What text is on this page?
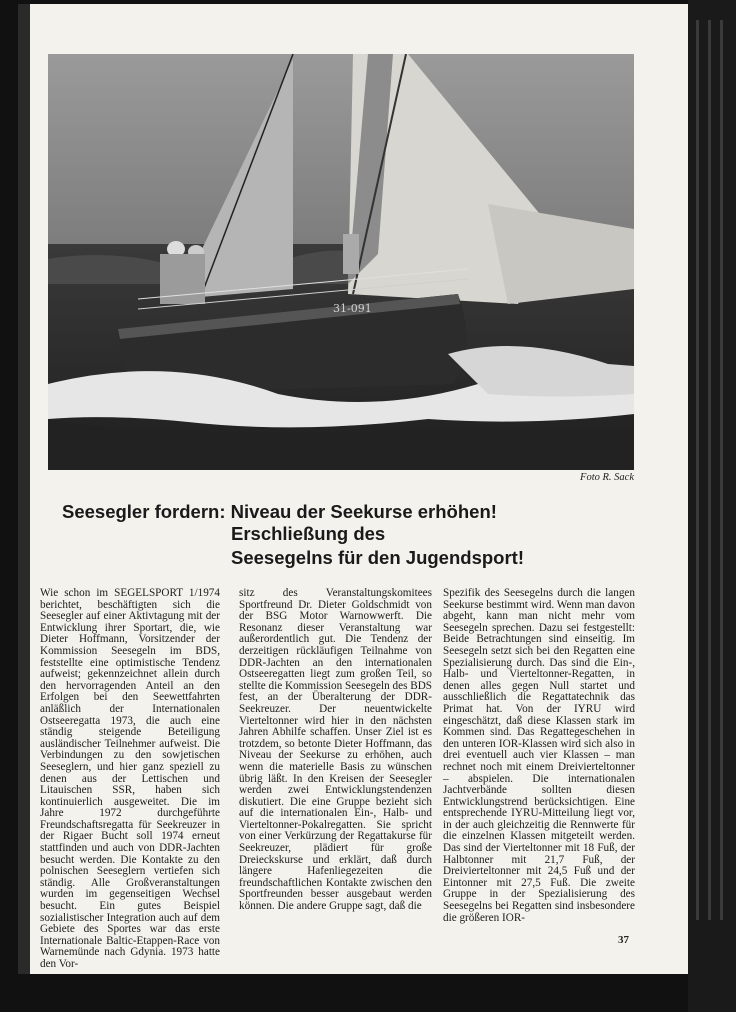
31-091
Foto R. Sack
Seesegler fordern: Niveau der Seekurse erhöhen!
Erschließung des
Seesegelns für den Jugendsport!
Wie schon im SEGELSPORT 1/1974 berichtet, beschäftigten sich die Seesegler auf einer Aktivtagung mit der Entwicklung ihrer Sportart, die, wie Dieter Hoffmann, Vorsitzender der Kommission Seesegeln im BDS, feststellte eine optimistische Tendenz aufweist; gekennzeichnet allein durch den hervorragenden Anteil an den Erfolgen bei den Seewettfahrten anläßlich der Internationalen Ostseeregatta 1973, die auch eine ständig steigende Beteiligung ausländischer Teilnehmer aufweist. Die Verbindungen zu den sowjetischen Seeseglern, und hier ganz speziell zu denen aus der Lettischen und Litauischen SSR, haben sich kontinuierlich ausgeweitet. Die im Jahre 1972 durchgeführte Freundschaftsregatta für Seekreuzer in der Rigaer Bucht soll 1974 erneut stattfinden und auch von DDR-Jachten besucht werden. Die Kontakte zu den polnischen Seeseglern vertiefen sich ständig. Alle Großveranstaltungen wurden im gegenseitigen Wechsel besucht. Ein gutes Beispiel sozialistischer Integration auch auf dem Gebiete des Sportes war das erste Internationale Baltic-Etappen-Race von Warnemünde nach Gdynia. 1973 hatte den Vor-
sitz des Veranstaltungskomitees Sportfreund Dr. Dieter Goldschmidt von der BSG Motor Warnowwerft. Die Resonanz dieser Veranstaltung war außerordentlich gut. Die Tendenz der derzeitigen rückläufigen Teilnahme von DDR-Jachten an den internationalen Ostseeregatten liegt zum großen Teil, so stellte die Kommission Seesegeln des BDS fest, an der Überalterung der DDR-Seekreuzer. Der neuentwickelte Vierteltonner wird hier in den nächsten Jahren Abhilfe schaffen. Unser Ziel ist es trotzdem, so betonte Dieter Hoffmann, das Niveau der Seekurse zu erhöhen, auch wenn die materielle Basis zu wünschen übrig läßt. In den Kreisen der Seesegler werden zwei Entwicklungstendenzen diskutiert. Die eine Gruppe bezieht sich auf die internationalen Ein-, Halb- und Vierteltonner-Pokalregatten. Sie spricht von einer Verkürzung der Regattakurse für Seekreuzer, plädiert für große Dreieckskurse und erklärt, daß durch längere Hafenliegezeiten die freundschaftlichen Kontakte zwischen den Sportfreunden besser ausgebaut werden können. Die andere Gruppe sagt, daß die
Spezifik des Seesegelns durch die langen Seekurse bestimmt wird. Wenn man davon abgeht, kann man nicht mehr vom Seesegeln sprechen. Dazu sei festgestellt: Beide Betrachtungen sind einseitig. Im Seesegeln setzt sich bei den Regatten eine Spezialisierung durch. Das sind die Ein-, Halb- und Vierteltonner-Regatten, in denen alles gegen Null startet und ausschließlich die Regattatechnik das Primat hat. Von der IYRU wird eingeschätzt, daß diese Klassen stark im Kommen sind. Das Regattegeschehen in den unteren IOR-Klassen wird sich also in drei eventuell auch vier Klassen – man rechnet noch mit einem Dreivierteltonner – abspielen. Die internationalen Jachtverbände sollten diesen Entwicklungstrend berücksichtigen. Eine entsprechende IYRU-Mitteilung liegt vor, in der auch gleichzeitig die Rennwerte für die einzelnen Klassen mitgeteilt werden. Das sind der Vierteltonner mit 18 Fuß, der Halbtonner mit 21,7 Fuß, der Dreivierteltonner mit 24,5 Fuß und der Eintonner mit 27,5 Fuß. Die zweite Gruppe in der Spezialisierung des Seesegelns bei Regatten sind insbesondere die größeren IOR-
37
